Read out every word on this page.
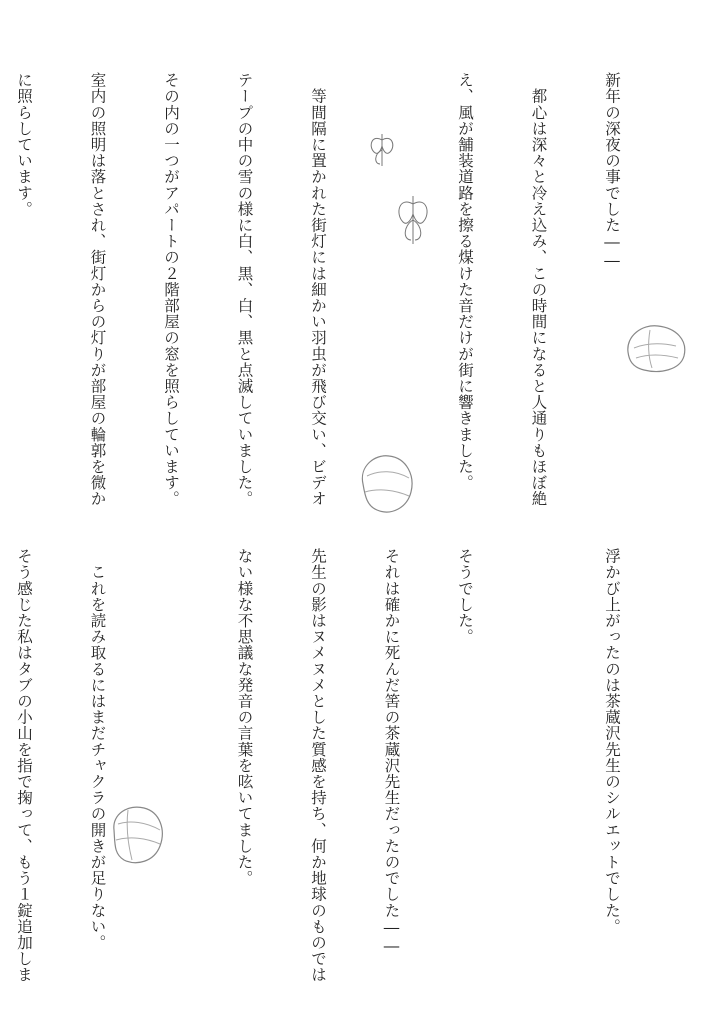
新年の深夜の事でした――

　都心は深々と冷え込み、この時間になると人通りもほぼ絶

え、風が舗装道路を擦る煤けた音だけが街に響きました。

　等間隔に置かれた街灯には細かい羽虫が飛び交い、ビデオ

テープの中の雪の様に白、黒、白、黒と点滅していました。

その内の一つがアパートの２階部屋の窓を照らしています。

室内の照明は落とされ、街灯からの灯りが部屋の輪郭を微か

に照らしています。

浮かび上がったのは茶蔵沢先生のシルエットでした。

そうでした。

それは確かに死んだ筈の茶蔵沢先生だったのでした――

先生の影はヌメヌメとした質感を持ち、何か地球のものでは

ない様な不思議な発音の言葉を呟いてました。

　これを読み取るにはまだチャクラの開きが足りない。

そう感じた私はタブの小山を指で掬って、もう１錠追加しま
